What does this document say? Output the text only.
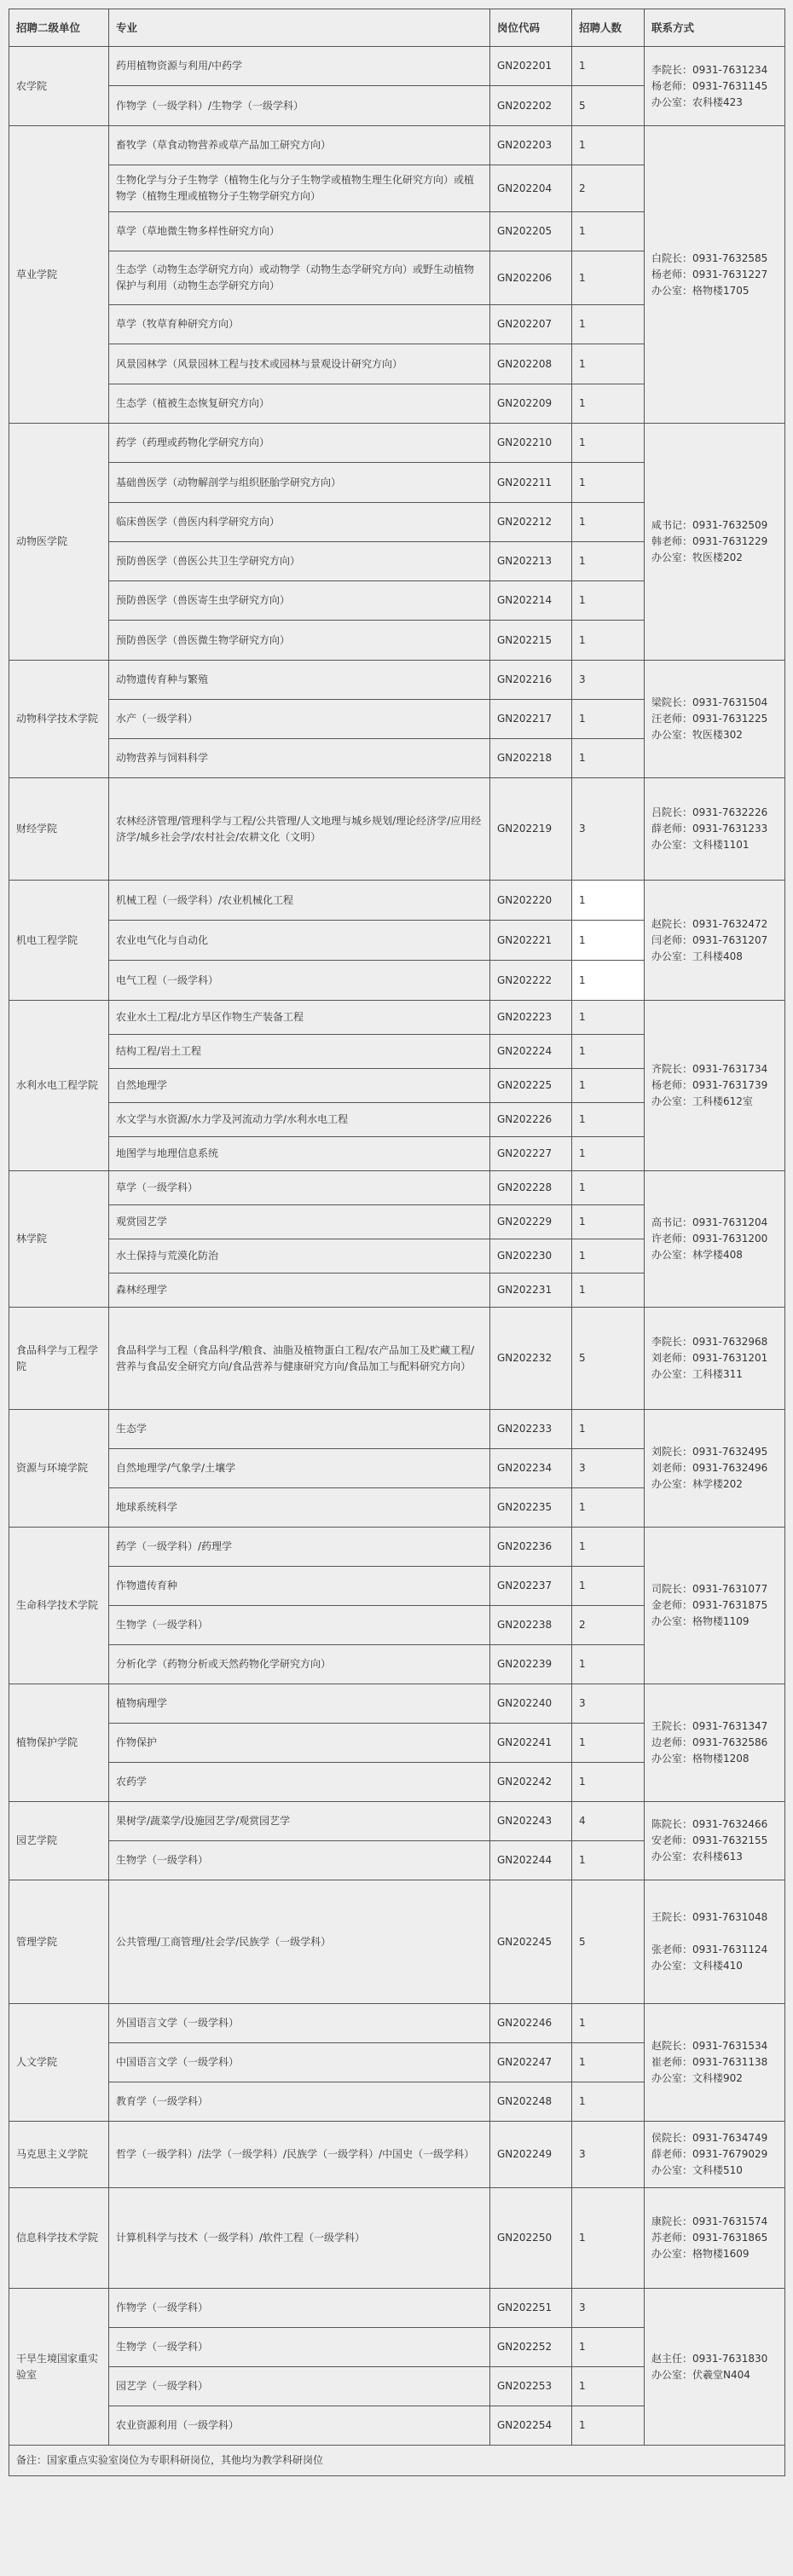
招聘二级单位	专业	岗位代码	招聘人数	联系方式
农学院	药用植物资源与利用/中药学	GN202201	1	李院长：0931-7631234
杨老师：0931-7631145
办公室：农科楼423
	作物学（一级学科）/生物学（一级学科）	GN202202	5	
草业学院	畜牧学（草食动物营养或草产品加工研究方向）	GN202203	1	白院长：0931-7632585
杨老师：0931-7631227
办公室：格物楼1705
	生物化学与分子生物学（植物生化与分子生物学或植物生理生化研究方向）或植物学（植物生理或植物分子生物学研究方向）	GN202204	2	
	草学（草地微生物多样性研究方向）	GN202205	1	
	生态学（动物生态学研究方向）或动物学（动物生态学研究方向）或野生动植物保护与利用（动物生态学研究方向）	GN202206	1	
	草学（牧草育种研究方向）	GN202207	1	
	风景园林学（风景园林工程与技术或园林与景观设计研究方向）	GN202208	1	
	生态学（植被生态恢复研究方向）	GN202209	1	
动物医学院	药学（药理或药物化学研究方向）	GN202210	1	咸书记：0931-7632509
韩老师：0931-7631229
办公室：牧医楼202
	基础兽医学（动物解剖学与组织胚胎学研究方向）	GN202211	1	
	临床兽医学（兽医内科学研究方向）	GN202212	1	
	预防兽医学（兽医公共卫生学研究方向）	GN202213	1	
	预防兽医学（兽医寄生虫学研究方向）	GN202214	1	
	预防兽医学（兽医微生物学研究方向）	GN202215	1	
动物科学技术学院	动物遗传育种与繁殖	GN202216	3	梁院长：0931-7631504
汪老师：0931-7631225
办公室：牧医楼302
	水产（一级学科）	GN202217	1	
	动物营养与饲料科学	GN202218	1	
财经学院	农林经济管理/管理科学与工程/公共管理/人文地理与城乡规划/理论经济学/应用经济学/城乡社会学/农村社会/农耕文化（文明）	GN202219	3	吕院长：0931-7632226
薛老师：0931-7631233
办公室：文科楼1101
机电工程学院	机械工程（一级学科）/农业机械化工程	GN202220	1	赵院长：0931-7632472
闫老师：0931-7631207
办公室：工科楼408
	农业电气化与自动化	GN202221	1	
	电气工程（一级学科）	GN202222	1	
水利水电工程学院	农业水土工程/北方旱区作物生产装备工程	GN202223	1	齐院长：0931-7631734
杨老师：0931-7631739
办公室：工科楼612室
	结构工程/岩土工程	GN202224	1	
	自然地理学	GN202225	1	
	水文学与水资源/水力学及河流动力学/水利水电工程	GN202226	1	
	地图学与地理信息系统	GN202227	1	
林学院	草学（一级学科）	GN202228	1	高书记：0931-7631204
许老师：0931-7631200
办公室：林学楼408
	观赏园艺学	GN202229	1	
	水土保持与荒漠化防治	GN202230	1	
	森林经理学	GN202231	1	
食品科学与工程学院	食品科学与工程（食品科学/粮食、油脂及植物蛋白工程/农产品加工及贮藏工程/营养与食品安全研究方向/食品营养与健康研究方向/食品加工与配料研究方向）	GN202232	5	李院长：0931-7632968
刘老师：0931-7631201
办公室：工科楼311
资源与环境学院	生态学	GN202233	1	刘院长：0931-7632495
刘老师：0931-7632496
办公室：林学楼202
	自然地理学/气象学/土壤学	GN202234	3	
	地球系统科学	GN202235	1	
生命科学技术学院	药学（一级学科）/药理学	GN202236	1	司院长：0931-7631077
金老师：0931-7631875
办公室：格物楼1109
	作物遗传育种	GN202237	1	
	生物学（一级学科）	GN202238	2	
	分析化学（药物分析或天然药物化学研究方向）	GN202239	1	
植物保护学院	植物病理学	GN202240	3	王院长：0931-7631347
边老师：0931-7632586
办公室：格物楼1208
	作物保护	GN202241	1	
	农药学	GN202242	1	
园艺学院	果树学/蔬菜学/设施园艺学/观赏园艺学	GN202243	4	陈院长：0931-7632466
安老师：0931-7632155
办公室：农科楼613
	生物学（一级学科）	GN202244	1	
管理学院	公共管理/工商管理/社会学/民族学（一级学科）	GN202245	5	王院长：0931-7631048

张老师：0931-7631124
办公室：文科楼410
人文学院	外国语言文学（一级学科）	GN202246	1	赵院长：0931-7631534
崔老师：0931-7631138
办公室：文科楼902
	中国语言文学（一级学科）	GN202247	1	
	教育学（一级学科）	GN202248	1	
马克思主义学院	哲学（一级学科）/法学（一级学科）/民族学（一级学科）/中国史（一级学科）	GN202249	3	侯院长：0931-7634749
薛老师：0931-7679029
办公室：文科楼510
信息科学技术学院	计算机科学与技术（一级学科）/软件工程（一级学科）	GN202250	1	康院长：0931-7631574
苏老师：0931-7631865
办公室：格物楼1609
干旱生境国家重实验室	作物学（一级学科）	GN202251	3	赵主任：0931-7631830
办公室：伏羲堂N404
	生物学（一级学科）	GN202252	1	
	园艺学（一级学科）	GN202253	1	
	农业资源利用（一级学科）	GN202254	1	
备注：国家重点实验室岗位为专职科研岗位，其他均为教学科研岗位				
